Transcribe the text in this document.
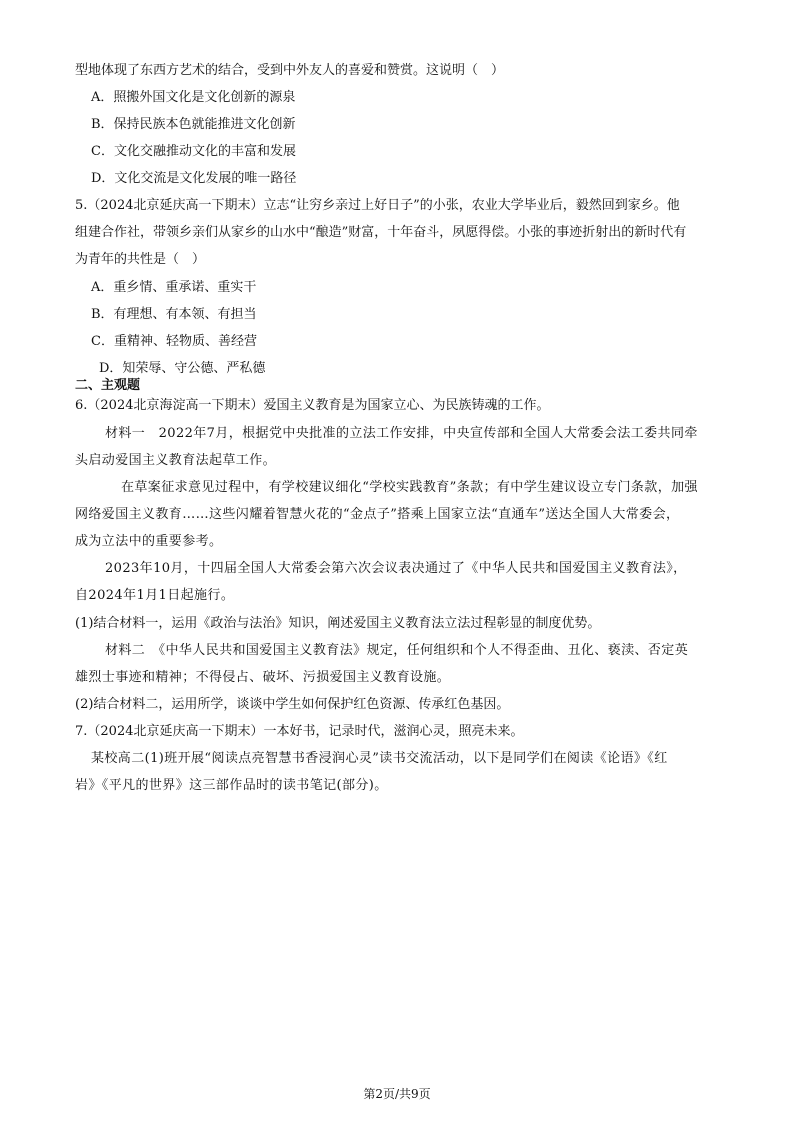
型地体现了东西方艺术的结合，受到中外友人的喜爱和赞赏。这说明（　）
A．照搬外国文化是文化创新的源泉
B．保持民族本色就能推进文化创新
C．文化交融推动文化的丰富和发展
D．文化交流是文化发展的唯一路径
5.（2024北京延庆高一下期末）立志“让穷乡亲过上好日子”的小张，农业大学毕业后，毅然回到家乡。他
组建合作社，带领乡亲们从家乡的山水中“酿造”财富，十年奋斗，夙愿得偿。小张的事迹折射出的新时代有
为青年的共性是（　）
A．重乡情、重承诺、重实干
B．有理想、有本领、有担当
C．重精神、轻物质、善经营
D．知荣辱、守公德、严私德
二、主观题
6.（2024北京海淀高一下期末）爱国主义教育是为国家立心、为民族铸魂的工作。
材料一　2022年7月，根据党中央批准的立法工作安排，中央宣传部和全国人大常委会法工委共同牵
头启动爱国主义教育法起草工作。
在草案征求意见过程中，有学校建议细化“学校实践教育”条款；有中学生建议设立专门条款，加强
网络爱国主义教育……这些闪耀着智慧火花的“金点子”搭乘上国家立法“直通车”送达全国人大常委会，
成为立法中的重要参考。
2023年10月，十四届全国人大常委会第六次会议表决通过了《中华人民共和国爱国主义教育法》，
自2024年1月1日起施行。
(1)结合材料一，运用《政治与法治》知识，阐述爱国主义教育法立法过程彰显的制度优势。
材料二　《中华人民共和国爱国主义教育法》规定，任何组织和个人不得歪曲、丑化、亵渎、否定英
雄烈士事迹和精神；不得侵占、破坏、污损爱国主义教育设施。
(2)结合材料二，运用所学，谈谈中学生如何保护红色资源、传承红色基因。
7.（2024北京延庆高一下期末）一本好书，记录时代，滋润心灵，照亮未来。
某校高二(1)班开展“阅读点亮智慧书香浸润心灵”读书交流活动，以下是同学们在阅读《论语》《红
岩》《平凡的世界》这三部作品时的读书笔记(部分)。
第2页/共9页
